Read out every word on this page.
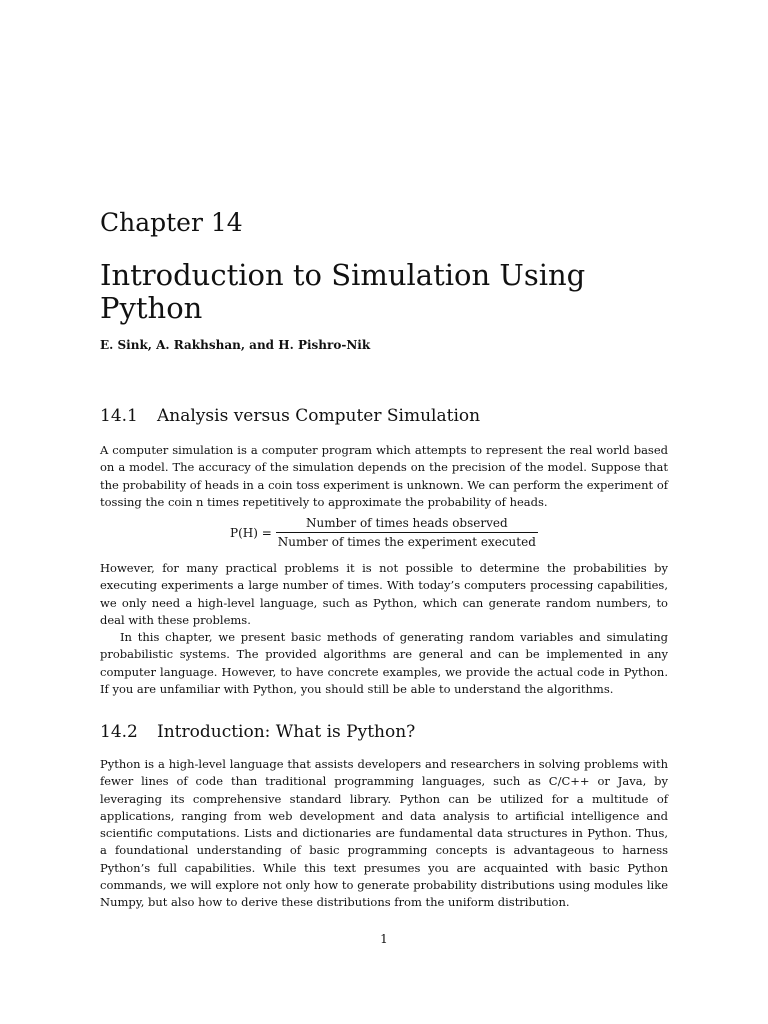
Chapter 14
Introduction to Simulation Using Python
E. Sink, A. Rakhshan, and H. Pishro-Nik
14.1 Analysis versus Computer Simulation

A computer simulation is a computer program which attempts to represent the real world based on a model. The accuracy of the simulation depends on the precision of the model. Suppose that the probability of heads in a coin toss experiment is unknown. We can perform the experiment of tossing the coin n times repetitively to approximate the probability of heads.

$P(H) = \frac{\text{Number of times heads observed}}{\text{Number of times the experiment executed}}$

However, for many practical problems it is not possible to determine the probabilities by executing experiments a large number of times. With today’s computers processing capabilities, we only need a high-level language, such as Python, which can generate random numbers, to deal with these problems.

In this chapter, we present basic methods of generating random variables and simulating probabilistic systems. The provided algorithms are general and can be implemented in any computer language. However, to have concrete examples, we provide the actual code in Python. If you are unfamiliar with Python, you should still be able to understand the algorithms.

14.2 Introduction: What is Python?

Python is a high-level language that assists developers and researchers in solving problems with fewer lines of code than traditional programming languages, such as C/C++ or Java, by leveraging its comprehensive standard library. Python can be utilized for a multitude of applications, ranging from web development and data analysis to artificial intelligence and scientific computations. Lists and dictionaries are fundamental data structures in Python. Thus, a foundational understanding of basic programming concepts is advantageous to harness Python’s full capabilities. While this text presumes you are acquainted with basic Python commands, we will explore not only how to generate probability distributions using modules like Numpy, but also how to derive these distributions from the uniform distribution.

1
